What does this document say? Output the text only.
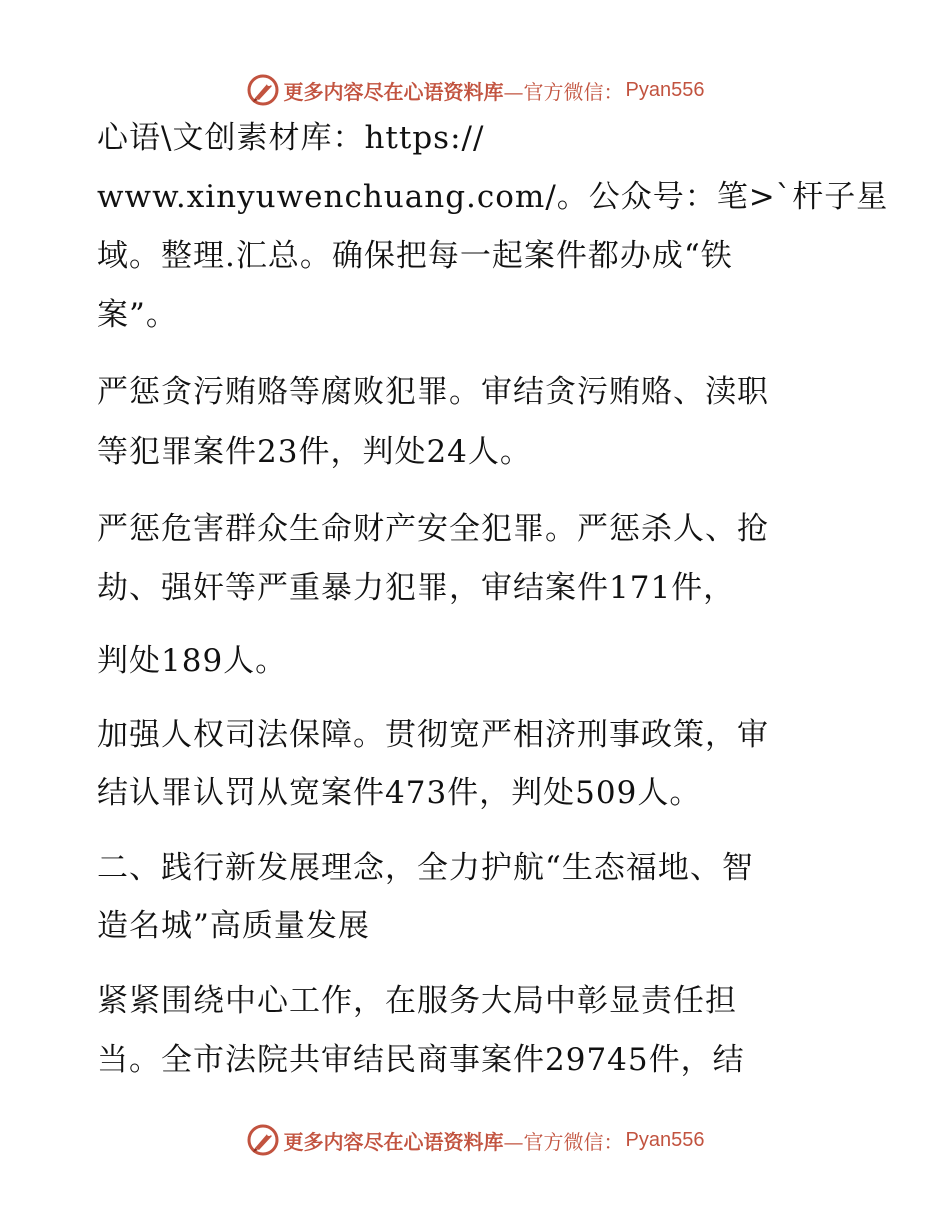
更多内容尽在心语资料库 —官方微信： Pyan556
心语\文创素材库：https://
www.xinyuwenchuang.com/。公众号：笔>`杆子星
域。整理.汇总。确保把每一起案件都办成“铁
案”。
严惩贪污贿赂等腐败犯罪。审结贪污贿赂、渎职
等犯罪案件23件，判处24人。
严惩危害群众生命财产安全犯罪。严惩杀人、抢
劫、强奸等严重暴力犯罪，审结案件171件，
判处189人。
加强人权司法保障。贯彻宽严相济刑事政策，审
结认罪认罚从宽案件473件，判处509人。
二、践行新发展理念，全力护航“生态福地、智
造名城”高质量发展
紧紧围绕中心工作，在服务大局中彰显责任担
当。全市法院共审结民商事案件29745件，结
更多内容尽在心语资料库 —官方微信： Pyan556
